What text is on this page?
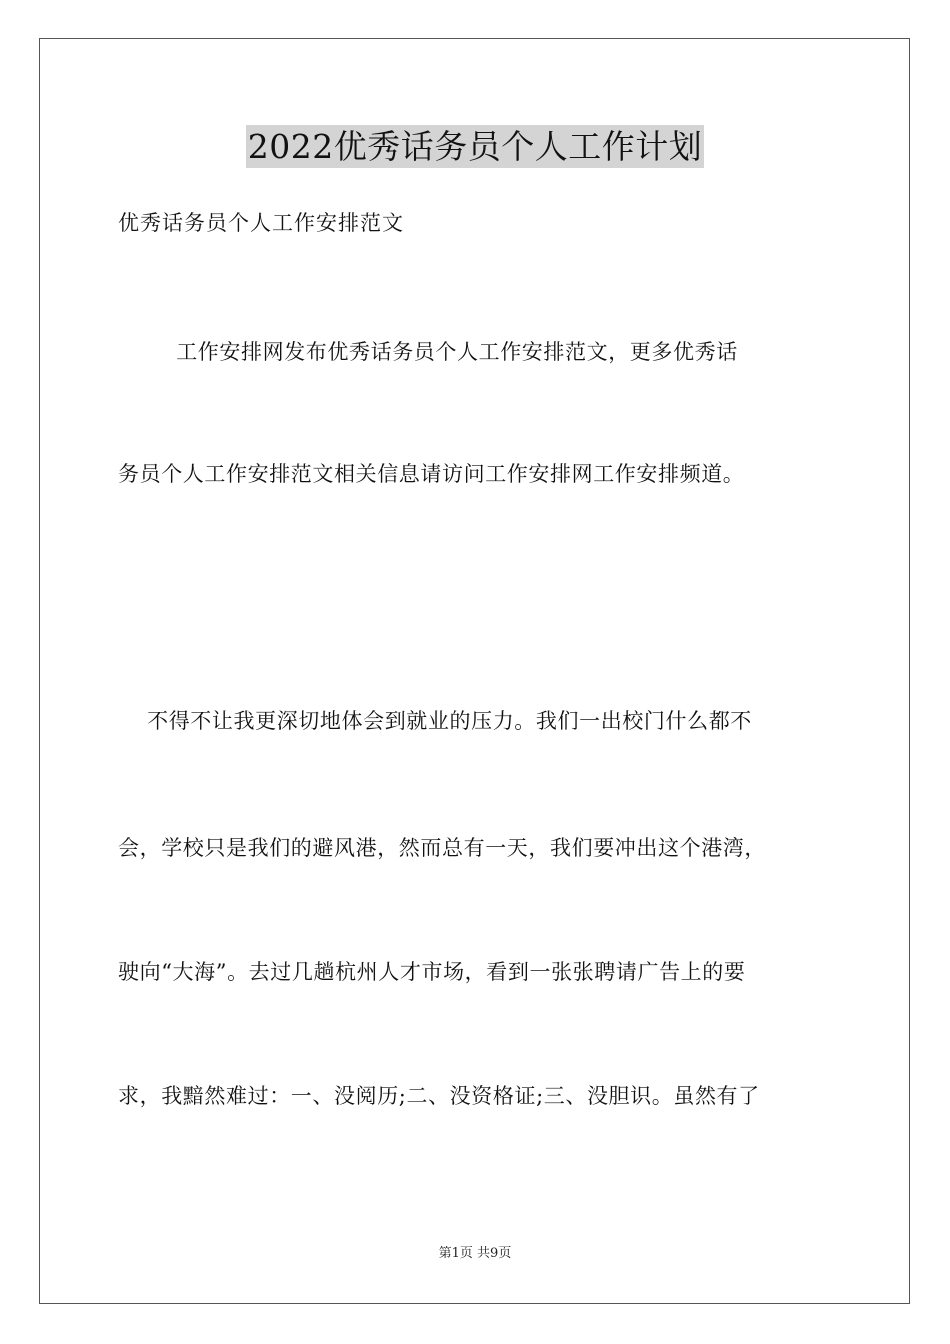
2022优秀话务员个人工作计划
优秀话务员个人工作安排范文
工作安排网发布优秀话务员个人工作安排范文，更多优秀话
务员个人工作安排范文相关信息请访问工作安排网工作安排频道。
不得不让我更深切地体会到就业的压力。我们一出校门什么都不
会，学校只是我们的避风港，然而总有一天，我们要冲出这个港湾，
驶向“大海”。去过几趟杭州人才市场，看到一张张聘请广告上的要
求，我黯然难过：一、没阅历;二、没资格证;三、没胆识。虽然有了
第1页 共9页
